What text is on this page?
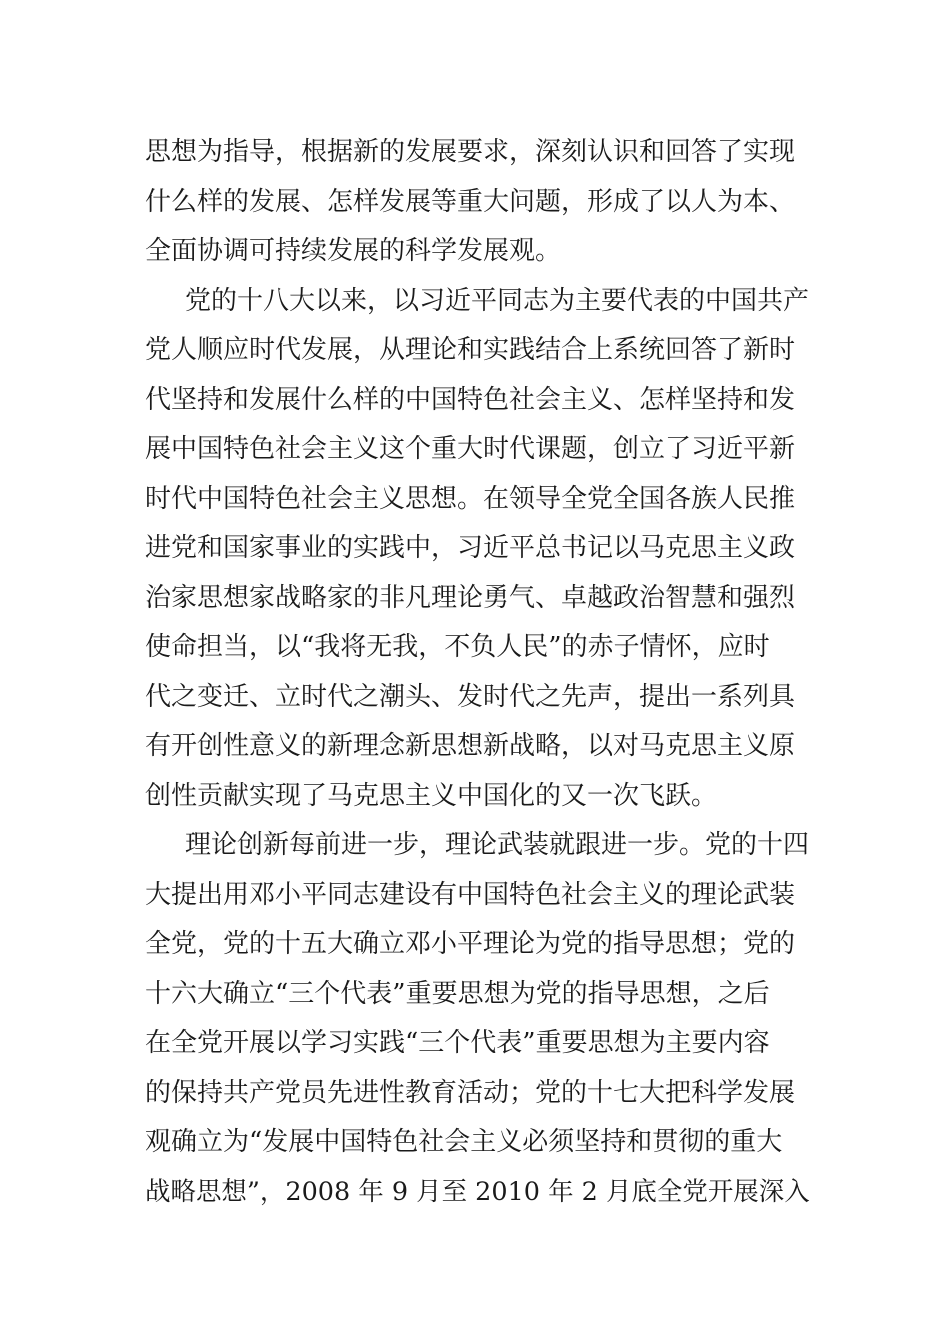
思想为指导，根据新的发展要求，深刻认识和回答了实现
什么样的发展、怎样发展等重大问题，形成了以人为本、
全面协调可持续发展的科学发展观。
党的十八大以来，以习近平同志为主要代表的中国共产
党人顺应时代发展，从理论和实践结合上系统回答了新时
代坚持和发展什么样的中国特色社会主义、怎样坚持和发
展中国特色社会主义这个重大时代课题，创立了习近平新
时代中国特色社会主义思想。在领导全党全国各族人民推
进党和国家事业的实践中，习近平总书记以马克思主义政
治家思想家战略家的非凡理论勇气、卓越政治智慧和强烈
使命担当，以“我将无我，不负人民”的赤子情怀，应时
代之变迁、立时代之潮头、发时代之先声，提出一系列具
有开创性意义的新理念新思想新战略，以对马克思主义原
创性贡献实现了马克思主义中国化的又一次飞跃。
理论创新每前进一步，理论武装就跟进一步。党的十四
大提出用邓小平同志建设有中国特色社会主义的理论武装
全党，党的十五大确立邓小平理论为党的指导思想；党的
十六大确立“三个代表”重要思想为党的指导思想，之后
在全党开展以学习实践“三个代表”重要思想为主要内容
的保持共产党员先进性教育活动；党的十七大把科学发展
观确立为“发展中国特色社会主义必须坚持和贯彻的重大
战略思想”，2008 年 9 月至 2010 年 2 月底全党开展深入
